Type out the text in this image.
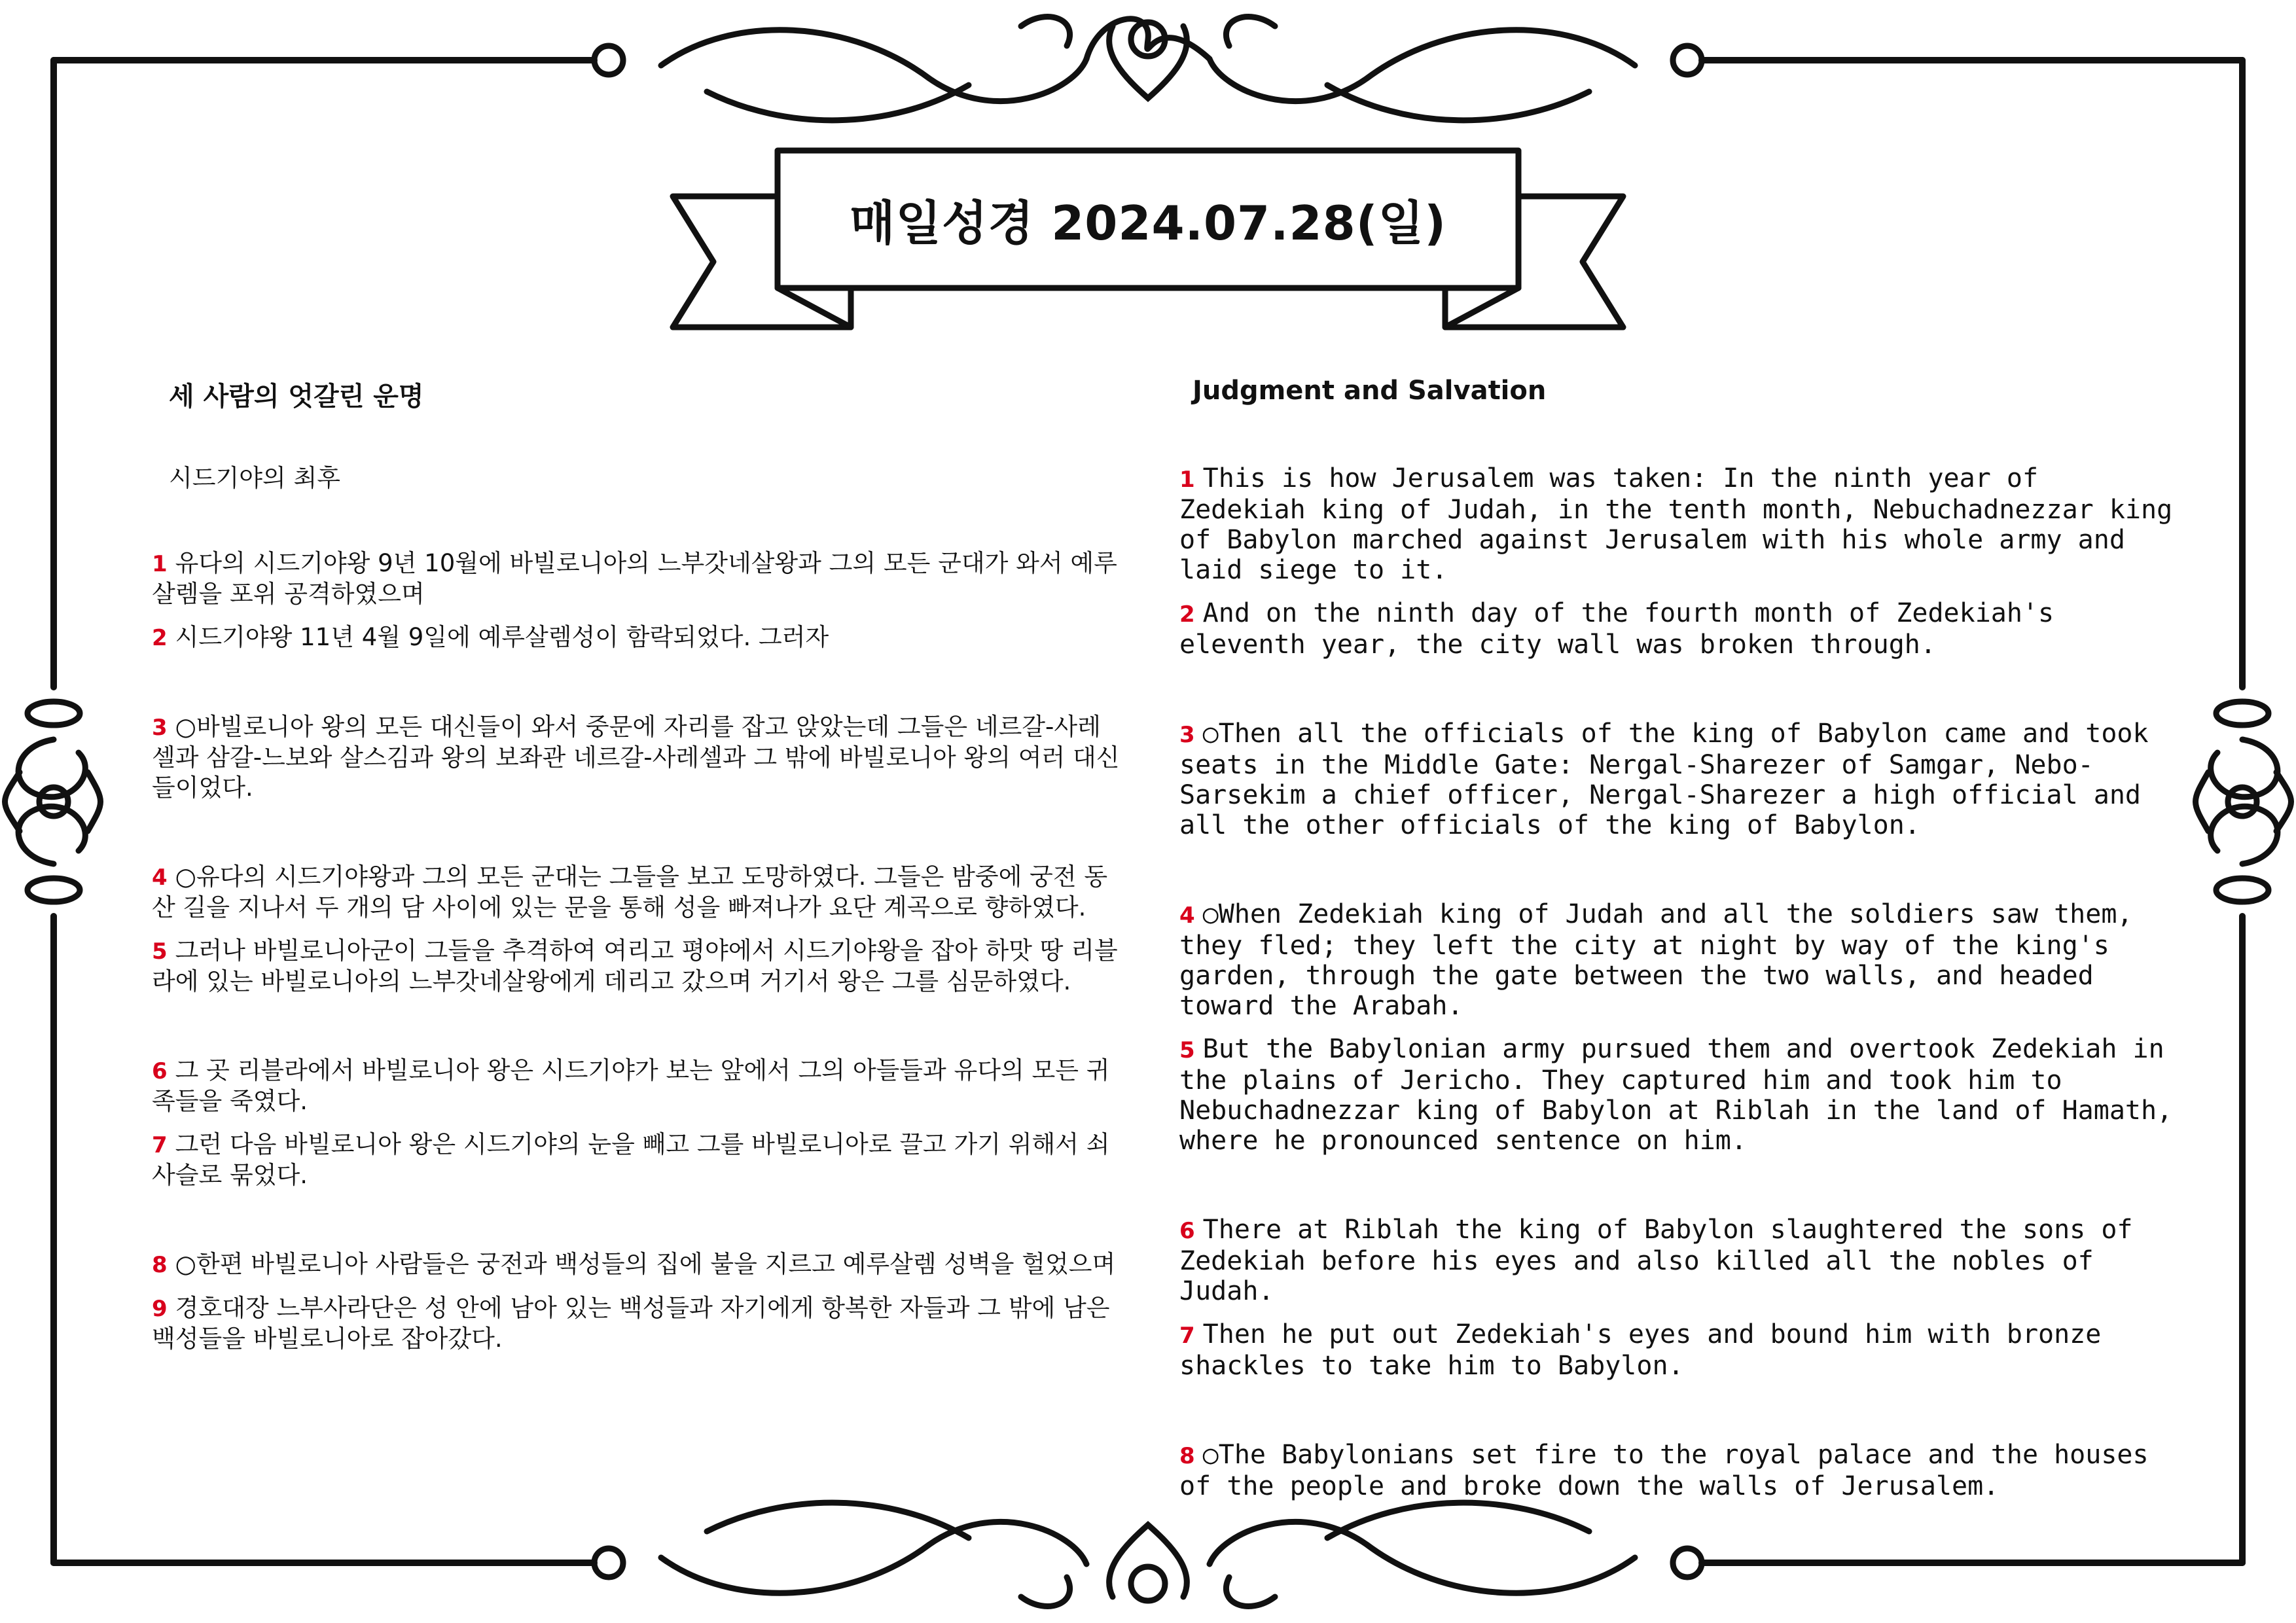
매일성경 2024.07.28(일)
세 사람의 엇갈린 운명	Judgment and Salvation

시드기야의 최후

1 유다의 시드기야왕 9년 10월에 바빌로니아의 느부갓네살왕과 그의 모든 군대가 와서 예루살렘을 포위 공격하였으며

2 시드기야왕 11년 4월 9일에 예루살렘성이 함락되었다. 그러자

3 ○바빌로니아 왕의 모든 대신들이 와서 중문에 자리를 잡고 앉았는데 그들은 네르갈-사레셀과 삼갈-느보와 살스김과 왕의 보좌관 네르갈-사레셀과 그 밖에 바빌로니아 왕의 여러 대신들이었다.

4 ○유다의 시드기야왕과 그의 모든 군대는 그들을 보고 도망하였다. 그들은 밤중에 궁전 동산 길을 지나서 두 개의 담 사이에 있는 문을 통해 성을 빠져나가 요단 계곡으로 향하였다.

5 그러나 바빌로니아군이 그들을 추격하여 여리고 평야에서 시드기야왕을 잡아 하맛 땅 리블라에 있는 바빌로니아의 느부갓네살왕에게 데리고 갔으며 거기서 왕은 그를 심문하였다.

6 그 곳 리블라에서 바빌로니아 왕은 시드기야가 보는 앞에서 그의 아들들과 유다의 모든 귀족들을 죽였다.

7 그런 다음 바빌로니아 왕은 시드기야의 눈을 빼고 그를 바빌로니아로 끌고 가기 위해서 쇠사슬로 묶었다.

8 ○한편 바빌로니아 사람들은 궁전과 백성들의 집에 불을 지르고 예루살렘 성벽을 헐었으며

9 경호대장 느부사라단은 성 안에 남아 있는 백성들과 자기에게 항복한 자들과 그 밖에 남은 백성들을 바빌로니아로 잡아갔다.

1 This is how Jerusalem was taken: In the ninth year of Zedekiah king of Judah, in the tenth month, Nebuchadnezzar king of Babylon marched against Jerusalem with his whole army and laid siege to it.

2 And on the ninth day of the fourth month of Zedekiah's eleventh year, the city wall was broken through.

3 ○Then all the officials of the king of Babylon came and took seats in the Middle Gate: Nergal-Sharezer of Samgar, Nebo-Sarsekim a chief officer, Nergal-Sharezer a high official and all the other officials of the king of Babylon.

4 ○When Zedekiah king of Judah and all the soldiers saw them, they fled; they left the city at night by way of the king's garden, through the gate between the two walls, and headed toward the Arabah.

5 But the Babylonian army pursued them and overtook Zedekiah in the plains of Jericho. They captured him and took him to Nebuchadnezzar king of Babylon at Riblah in the land of Hamath, where he pronounced sentence on him.

6 There at Riblah the king of Babylon slaughtered the sons of Zedekiah before his eyes and also killed all the nobles of Judah.

7 Then he put out Zedekiah's eyes and bound him with bronze shackles to take him to Babylon.

8 ○The Babylonians set fire to the royal palace and the houses of the people and broke down the walls of Jerusalem.
